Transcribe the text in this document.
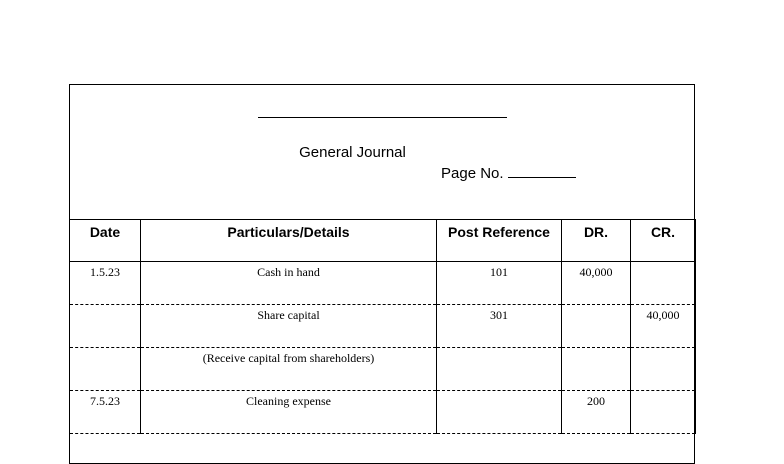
General Journal
Page No.
Date	Particulars/Details	Post Reference	DR.	CR.
1.5.23	Cash in hand	101	40,000	
	Share capital	301		40,000
	(Receive capital from shareholders)			
7.5.23	Cleaning expense		200	
